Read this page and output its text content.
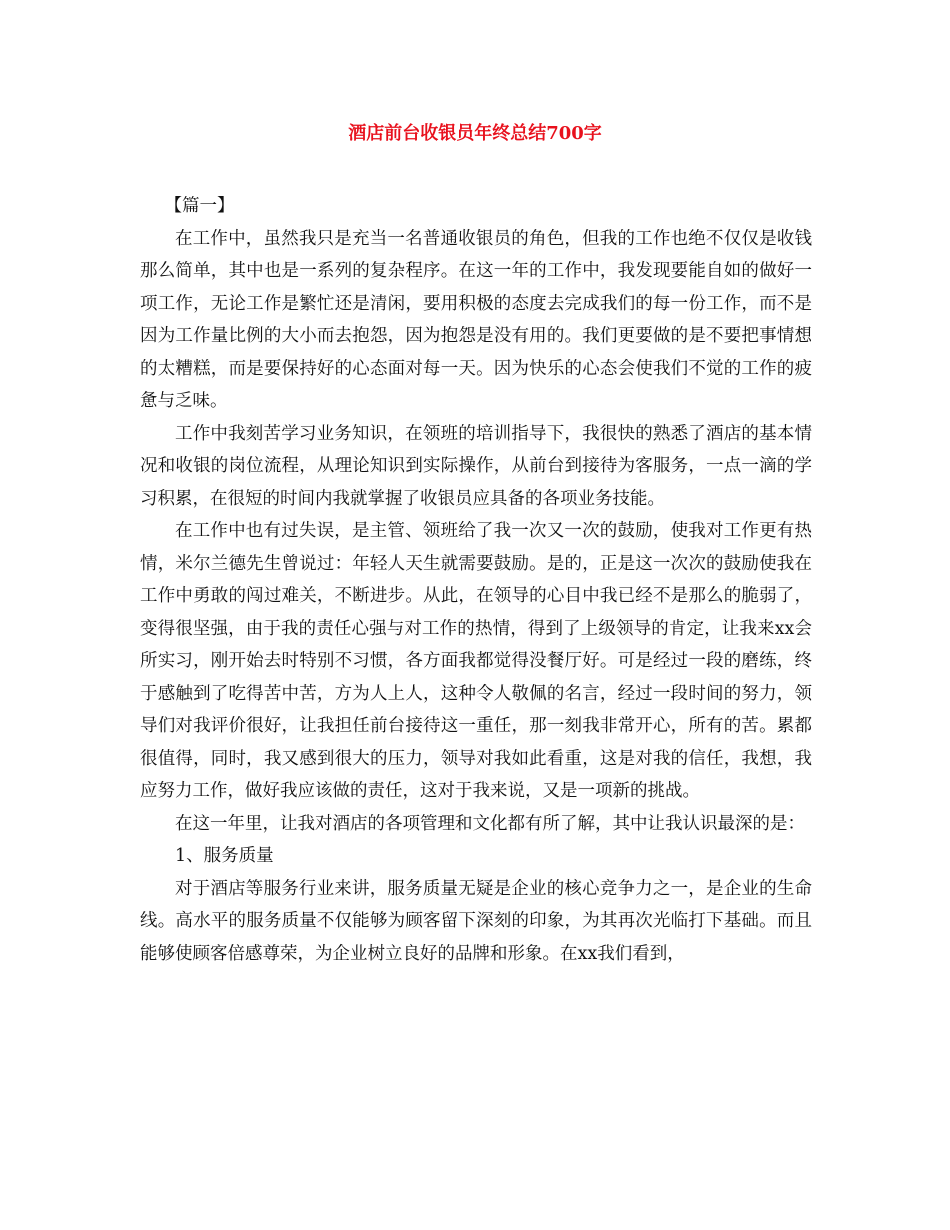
酒店前台收银员年终总结700字

【篇一】

在工作中，虽然我只是充当一名普通收银员的角色，但我的工作也绝不仅仅是收钱那么简单，其中也是一系列的复杂程序。在这一年的工作中，我发现要能自如的做好一项工作，无论工作是繁忙还是清闲，要用积极的态度去完成我们的每一份工作，而不是因为工作量比例的大小而去抱怨，因为抱怨是没有用的。我们更要做的是不要把事情想的太糟糕，而是要保持好的心态面对每一天。因为快乐的心态会使我们不觉的工作的疲惫与乏味。

工作中我刻苦学习业务知识，在领班的培训指导下，我很快的熟悉了酒店的基本情况和收银的岗位流程，从理论知识到实际操作，从前台到接待为客服务，一点一滴的学习积累，在很短的时间内我就掌握了收银员应具备的各项业务技能。

在工作中也有过失误，是主管、领班给了我一次又一次的鼓励，使我对工作更有热情，米尔兰德先生曾说过：年轻人天生就需要鼓励。是的，正是这一次次的鼓励使我在工作中勇敢的闯过难关，不断进步。从此，在领导的心目中我已经不是那么的脆弱了，变得很坚强，由于我的责任心强与对工作的热情，得到了上级领导的肯定，让我来xx会所实习，刚开始去时特别不习惯，各方面我都觉得没餐厅好。可是经过一段的磨练，终于感触到了吃得苦中苦，方为人上人，这种令人敬佩的名言，经过一段时间的努力，领导们对我评价很好，让我担任前台接待这一重任，那一刻我非常开心，所有的苦。累都很值得，同时，我又感到很大的压力，领导对我如此看重，这是对我的信任，我想，我应努力工作，做好我应该做的责任，这对于我来说，又是一项新的挑战。

在这一年里，让我对酒店的各项管理和文化都有所了解，其中让我认识最深的是：

1、服务质量

对于酒店等服务行业来讲，服务质量无疑是企业的核心竞争力之一，是企业的生命线。高水平的服务质量不仅能够为顾客留下深刻的印象，为其再次光临打下基础。而且能够使顾客倍感尊荣，为企业树立良好的品牌和形象。在xx我们看到，
